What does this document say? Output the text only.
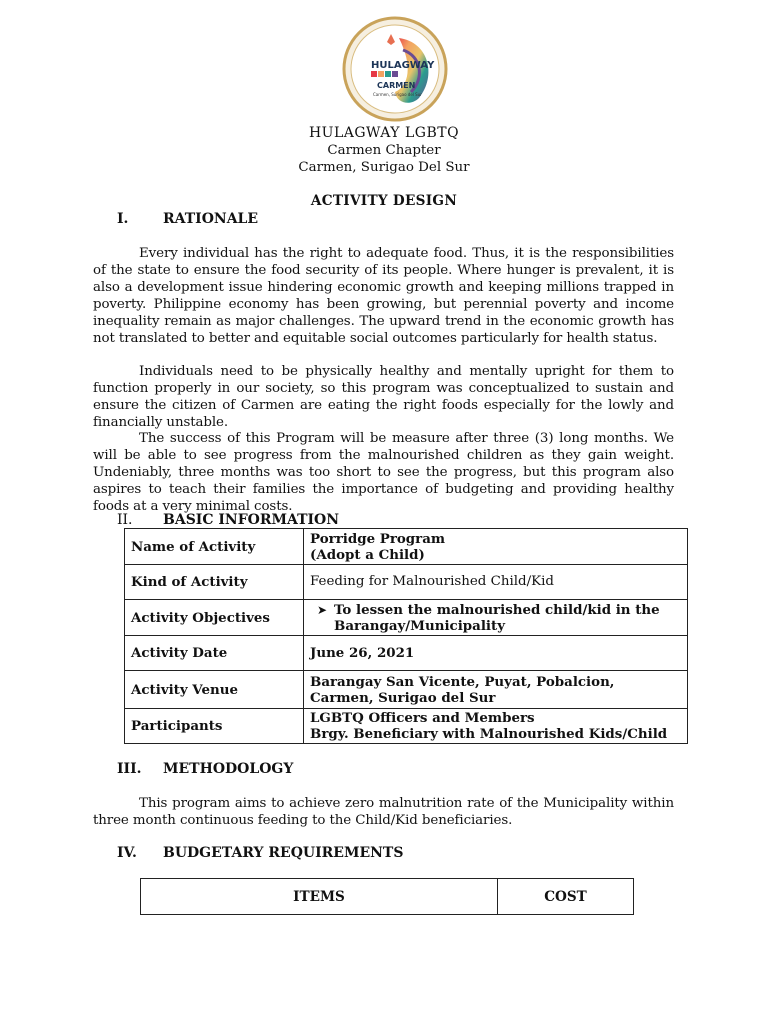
HULAGWAY
CARMEN
Carmen, Surigao del Sur
HULAGWAY LGBTQ
Carmen Chapter
Carmen, Surigao Del Sur
ACTIVITY DESIGN
I. RATIONALE

Every individual has the right to adequate food. Thus, it is the responsibilities of the state to ensure the food security of its people. Where hunger is prevalent, it is also a development issue hindering economic growth and keeping millions trapped in poverty. Philippine economy has been growing, but perennial poverty and income inequality remain as major challenges. The upward trend in the economic growth has not translated to better and equitable social outcomes particularly for health status.

Individuals need to be physically healthy and mentally upright for them to function properly in our society, so this program was conceptualized to sustain and ensure the citizen of Carmen are eating the right foods especially for the lowly and financially unstable.

The success of this Program will be measure after three (3) long months. We will be able to see progress from the malnourished children as they gain weight. Undeniably, three months was too short to see the progress, but this program also aspires to teach their families the importance of budgeting and providing healthy foods at a very minimal costs.

II. BASIC INFORMATION
Name of Activity	Porridge Program
(Adopt a Child)

Kind of Activity	Feeding for Malnourished Child/Kid
Activity Objectives	➤ To lessen the malnourished child/kid in the Barangay/Municipality

Activity Date	June 26, 2021
Activity Venue	Barangay San Vicente, Puyat, Pobalcion, Carmen, Surigao del Sur
Participants	LGBTQ Officers and Members
Brgy. Beneficiary with Malnourished Kids/Child
III. METHODOLOGY

This program aims to achieve zero malnutrition rate of the Municipality within three month continuous feeding to the Child/Kid beneficiaries.

IV. BUDGETARY REQUIREMENTS
ITEMS	COST
